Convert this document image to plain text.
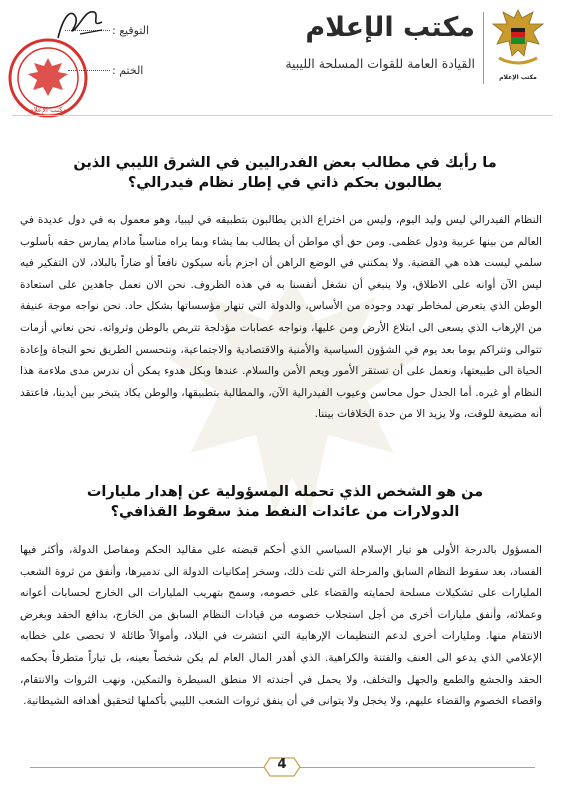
مكتب الإعلام
مكتب الإعلام
القيادة العامة للقوات المسلحة الليبية
التوقيع :
الختم :
مكتب الإعلام
ما رأيك في مطالب بعض الفدراليين في الشرق الليبي الذين يطالبون بحكم ذاتي في إطار نظام فيدرالي؟
النظام الفيدرالي ليس وليد اليوم، وليس من اختراع الذين يطالبون بتطبيقه في ليبيا، وهو معمول به في دول عديدة في العالم من بينها عربية ودول عظمى. ومن حق أي مواطن أن يطالب بما يشاء وبما يراه مناسباً مادام يمارس حقه بأسلوب سلمي ليست هذه هي القضية. ولا يمكنني في الوضع الراهن أن اجزم بأنه سيكون نافعاً أو ضاراً بالبلاد، لان التفكير فيه ليس الآن أوانه على الاطلاق، ولا ينبغي أن نشغل أنفسنا به في هذه الظروف. نحن الان نعمل جاهدين على استعادة الوطن الذي يتعرض لمخاطر تهدد وجوده من الأساس، والدولة التي تنهار مؤسساتها بشكل حاد. نحن نواجه موجة عنيفة من الإرهاب الذي يسعى الى ابتلاع الأرض ومن عليها، ونواجه عصابات مؤدلجة تتربص بالوطن وثرواته. نحن نعاني أزمات تتوالى وتتراكم يوما بعد يوم في الشؤون السياسية والأمنية والاقتصادية والاجتماعية، ونتحسس الطريق نحو النجاة وإعادة الحياة الى طبيعتها، ونعمل على أن تستقر الأمور ويعم الأمن والسلام. عندها وبكل هدوء يمكن أن ندرس مدى ملاءمة هذا النظام أو غيره. أما الجدل حول محاسن وعيوب الفيدرالية الآن، والمطالبة بتطبيقها، والوطن يكاد يتبخر بين أيدينا، فاعتقد أنه مضيعة للوقت، ولا يزيد الا من حدة الخلافات بيننا.
من هو الشخص الذي تحمله المسؤولية عن إهدار مليارات الدولارات من عائدات النفط منذ سقوط القذافي؟
المسؤول بالدرجة الأولى هو تيار الإسلام السياسي الذي أحكم قبضته على مقاليد الحكم ومفاصل الدولة، وأكثر فيها الفساد، بعد سقوط النظام السابق والمرحلة التي تلت ذلك، وسخر إمكانيات الدولة الى تدميرها، وأنفق من ثروة الشعب المليارات على تشكيلات مسلحة لحمايته والقضاء على خصومه، وسمح بتهريب المليارات الى الخارج لحسابات أعوانه وعملائه، وأنفق مليارات أخرى من أجل استجلاب خصومه من قيادات النظام السابق من الخارج، بدافع الحقد وبغرض الانتقام منها. ومليارات أخرى لدعم التنظيمات الإرهابية التي انتشرت في البلاد، وأموالاً طائلة لا تحصى على خطابه الإعلامي الذي يدعو الى العنف والفتنة والكراهية. الذي أهدر المال العام لم يكن شخصاً بعينه، بل تياراً متطرفاً يحكمه الحقد والجشع والطمع والجهل والتخلف، ولا يحمل في أجندته الا منطق السيطرة والتمكين، ونهب الثروات والانتقام، واقصاء الخصوم والقضاء عليهم، ولا يخجل ولا يتوانى في أن ينفق ثروات الشعب الليبي بأكملها لتحقيق أهدافه الشيطانية.
4
